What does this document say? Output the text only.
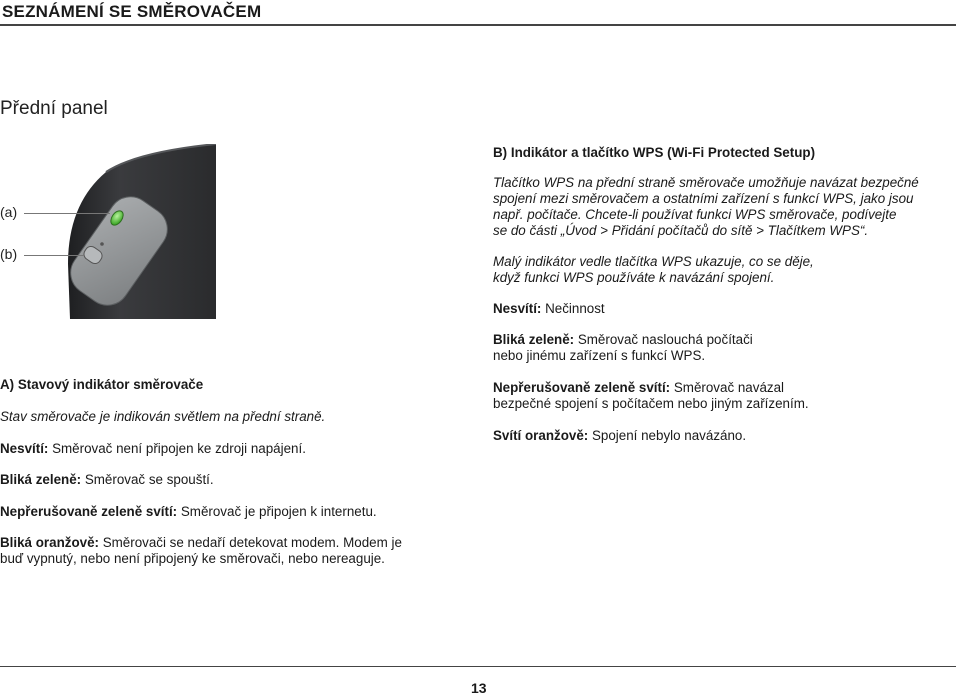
SEZNÁMENÍ SE SMĚROVAČEM
Přední panel
(a)
(b)
A) Stavový indikátor směrovače
Stav směrovače je indikován světlem na přední straně.
Nesvítí: Směrovač není připojen ke zdroji napájení.
Bliká zeleně: Směrovač se spouští.
Nepřerušovaně zeleně svítí: Směrovač je připojen k internetu.

Bliká oranžově: Směrovači se nedaří detekovat modem. Modem je

buď vypnutý, nebo není připojený ke směrovači, nebo nereaguje.

B) Indikátor a tlačítko WPS (Wi-Fi Protected Setup)

Tlačítko WPS na přední straně směrovače umožňuje navázat bezpečné

spojení mezi směrovačem a ostatními zařízení s funkcí WPS, jako jsou

např. počítače. Chcete-li používat funkci WPS směrovače, podívejte

se do části „Úvod > Přidání počítačů do sítě > Tlačítkem WPS“.

Malý indikátor vedle tlačítka WPS ukazuje, co se děje,

když funkci WPS používáte k navázání spojení.

Nesvítí: Nečinnost

Bliká zeleně: Směrovač naslouchá počítači

nebo jinému zařízení s funkcí WPS.

Nepřerušovaně zeleně svítí: Směrovač navázal

bezpečné spojení s počítačem nebo jiným zařízením.

Svítí oranžově: Spojení nebylo navázáno.
13
